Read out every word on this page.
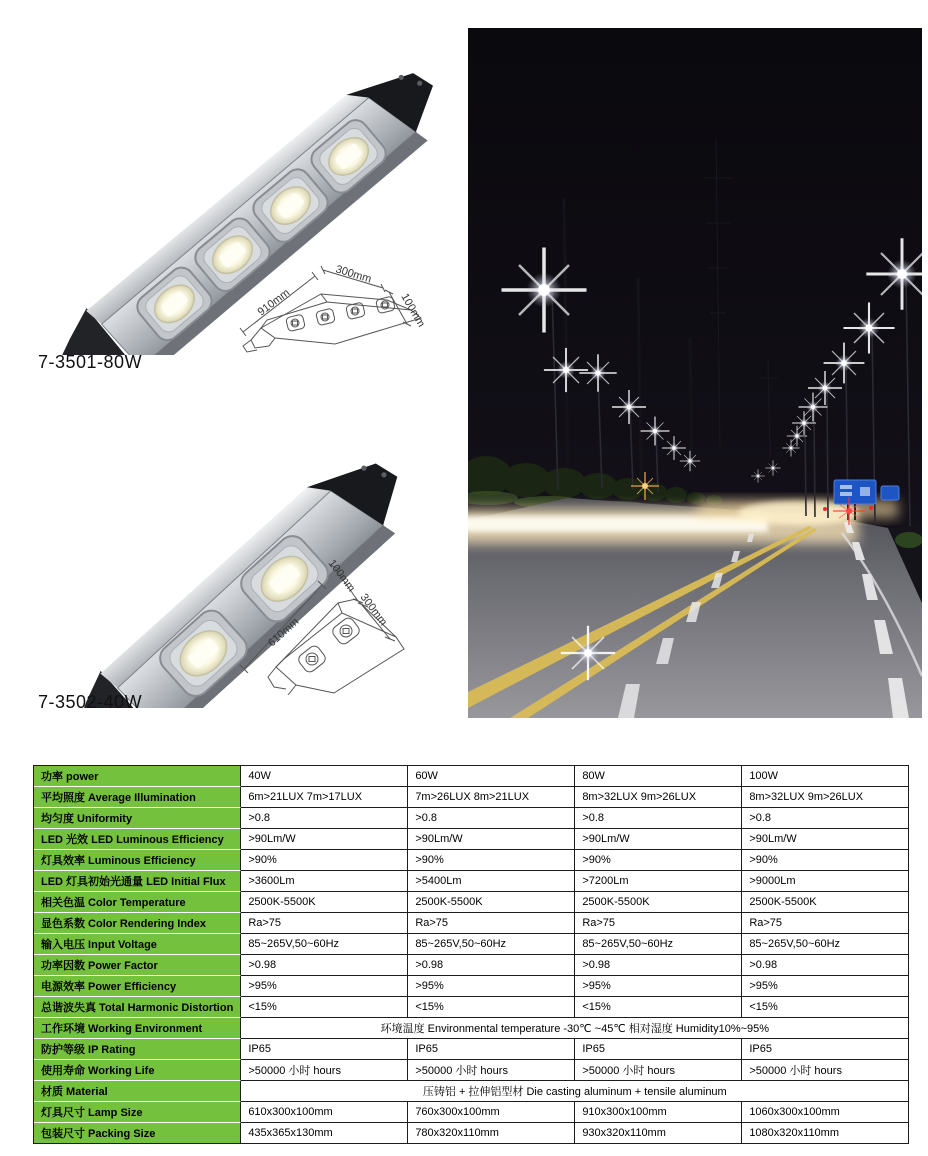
910mm
300mm
100mm
7-3501-80W
610mm
100mm
300mm
7-3502-40W
功率 power	40W	60W	80W	100W
平均照度 Average Illumination	6m>21LUX 7m>17LUX	7m>26LUX 8m>21LUX	8m>32LUX 9m>26LUX	8m>32LUX 9m>26LUX
均匀度 Uniformity	>0.8	>0.8	>0.8	>0.8
LED 光效 LED Luminous Efficiency	>90Lm/W	>90Lm/W	>90Lm/W	>90Lm/W
灯具效率 Luminous Efficiency	>90%	>90%	>90%	>90%
LED 灯具初始光通量 LED Initial Flux	>3600Lm	>5400Lm	>7200Lm	>9000Lm
相关色温 Color Temperature	2500K-5500K	2500K-5500K	2500K-5500K	2500K-5500K
显色系数 Color Rendering Index	Ra>75	Ra>75	Ra>75	Ra>75
输入电压 Input Voltage	85~265V,50~60Hz	85~265V,50~60Hz	85~265V,50~60Hz	85~265V,50~60Hz
功率因数 Power Factor	>0.98	>0.98	>0.98	>0.98
电源效率 Power Efficiency	>95%	>95%	>95%	>95%
总谐波失真 Total Harmonic Distortion	<15%	<15%	<15%	<15%
工作环境 Working Environment	环境温度 Environmental temperature -30℃ ~45℃ 相对湿度 Humidity10%~95%			
防护等级 IP Rating	IP65	IP65	IP65	IP65
使用寿命 Working Life	>50000 小时 hours	>50000 小时 hours	>50000 小时 hours	>50000 小时 hours
材质 Material	压铸铝 + 拉伸铝型材 Die casting aluminum + tensile aluminum			
灯具尺寸 Lamp Size	610x300x100mm	760x300x100mm	910x300x100mm	1060x300x100mm
包装尺寸 Packing Size	435x365x130mm	780x320x110mm	930x320x110mm	1080x320x110mm
